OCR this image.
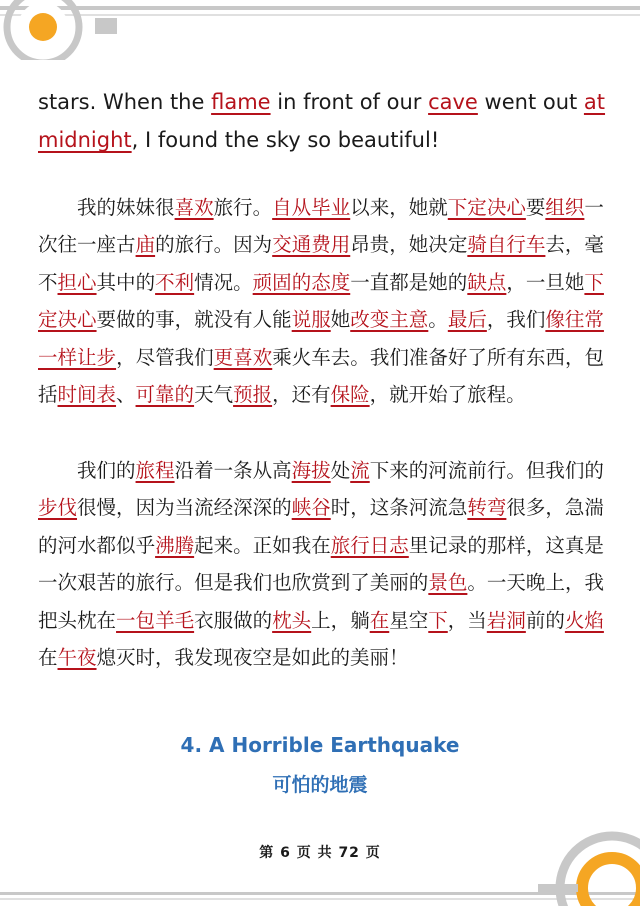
stars. When the flame in front of our cave went out at midnight, I found the sky so beautiful!

我的妹妹很喜欢旅行。自从毕业以来，她就下定决心要组织一次往一座古庙的旅行。因为交通费用昂贵，她决定骑自行车去，毫不担心其中的不利情况。顽固的态度一直都是她的缺点，一旦她下定决心要做的事，就没有人能说服她改变主意。最后，我们像往常一样让步，尽管我们更喜欢乘火车去。我们准备好了所有东西，包括时间表、可靠的天气预报，还有保险，就开始了旅程。

我们的旅程沿着一条从高海拔处流下来的河流前行。但我们的步伐很慢，因为当流经深深的峡谷时，这条河流急转弯很多，急湍的河水都似乎沸腾起来。正如我在旅行日志里记录的那样，这真是一次艰苦的旅行。但是我们也欣赏到了美丽的景色。一天晚上，我把头枕在一包羊毛衣服做的枕头上，躺在星空下，当岩洞前的火焰在午夜熄灭时，我发现夜空是如此的美丽！

4. A Horrible Earthquake
可怕的地震
第 6 页 共 72 页
